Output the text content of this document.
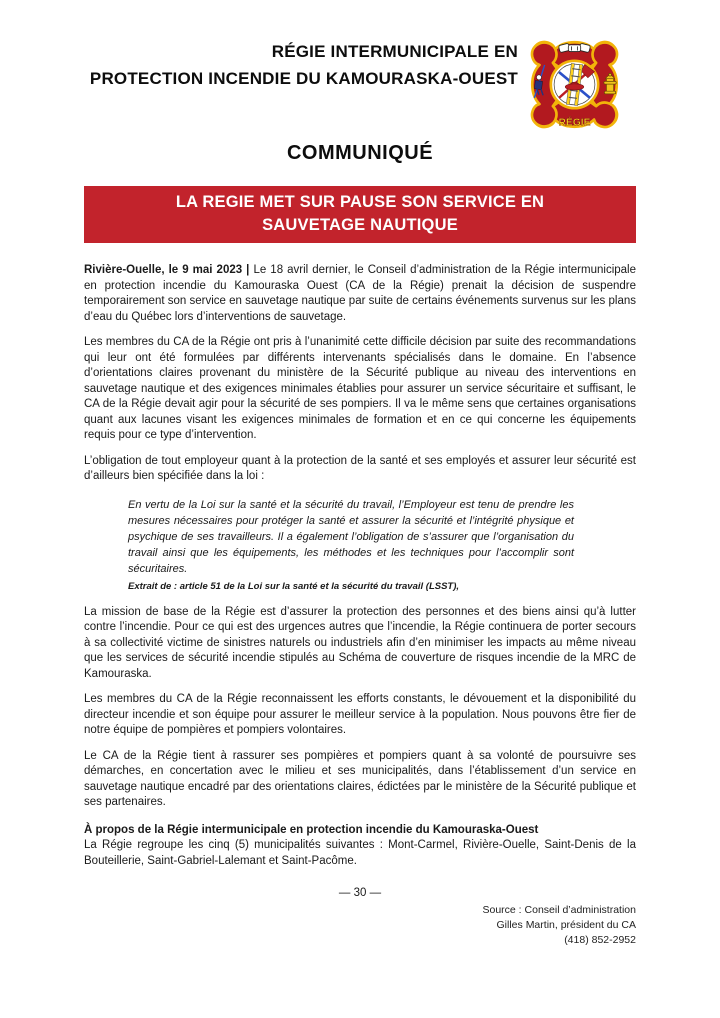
RÉGIE INTERMUNICIPALE EN
PROTECTION INCENDIE DU KAMOURASKA-OUEST
RÉGIE
COMMUNIQUÉ
LA REGIE MET SUR PAUSE SON SERVICE EN SAUVETAGE NAUTIQUE

Rivière-Ouelle, le 9 mai 2023 | Le 18 avril dernier, le Conseil d’administration de la Régie intermunicipale en protection incendie du Kamouraska Ouest (CA de la Régie) prenait la décision de suspendre temporairement son service en sauvetage nautique par suite de certains événements survenus sur les plans d’eau du Québec lors d’interventions de sauvetage.

Les membres du CA de la Régie ont pris à l’unanimité cette difficile décision par suite des recommandations qui leur ont été formulées par différents intervenants spécialisés dans le domaine. En l’absence d’orientations claires provenant du ministère de la Sécurité publique au niveau des interventions en sauvetage nautique et des exigences minimales établies pour assurer un service sécuritaire et suffisant, le CA de la Régie devait agir pour la sécurité de ses pompiers. Il va le même sens que certaines organisations quant aux lacunes visant les exigences minimales de formation et en ce qui concerne les équipements requis pour ce type d’intervention.

L’obligation de tout employeur quant à la protection de la santé et ses employés et assurer leur sécurité est d’ailleurs bien spécifiée dans la loi :

En vertu de la Loi sur la santé et la sécurité du travail, l’Employeur est tenu de prendre les mesures nécessaires pour protéger la santé et assurer la sécurité et l’intégrité physique et psychique de ses travailleurs. Il a également l’obligation de s’assurer que l’organisation du travail ainsi que les équipements, les méthodes et les techniques pour l’accomplir sont sécuritaires.
Extrait de : article 51 de la Loi sur la santé et la sécurité du travail (LSST),

La mission de base de la Régie est d’assurer la protection des personnes et des biens ainsi qu’à lutter contre l’incendie. Pour ce qui est des urgences autres que l’incendie, la Régie continuera de porter secours à sa collectivité victime de sinistres naturels ou industriels afin d’en minimiser les impacts au même niveau que les services de sécurité incendie stipulés au Schéma de couverture de risques incendie de la MRC de Kamouraska.

Les membres du CA de la Régie reconnaissent les efforts constants, le dévouement et la disponibilité du directeur incendie et son équipe pour assurer le meilleur service à la population. Nous pouvons être fier de notre équipe de pompières et pompiers volontaires.

Le CA de la Régie tient à rassurer ses pompières et pompiers quant à sa volonté de poursuivre ses démarches, en concertation avec le milieu et ses municipalités, dans l’établissement d’un service en sauvetage nautique encadré par des orientations claires, édictées par le ministère de la Sécurité publique et ses partenaires.

À propos de la Régie intermunicipale en protection incendie du Kamouraska-Ouest

La Régie regroupe les cinq (5) municipalités suivantes : Mont-Carmel, Rivière-Ouelle, Saint-Denis de la Bouteillerie, Saint-Gabriel-Lalemant et Saint-Pacôme.

— 30 —
Source : Conseil d’administration
Gilles Martin, président du CA
(418) 852-2952
